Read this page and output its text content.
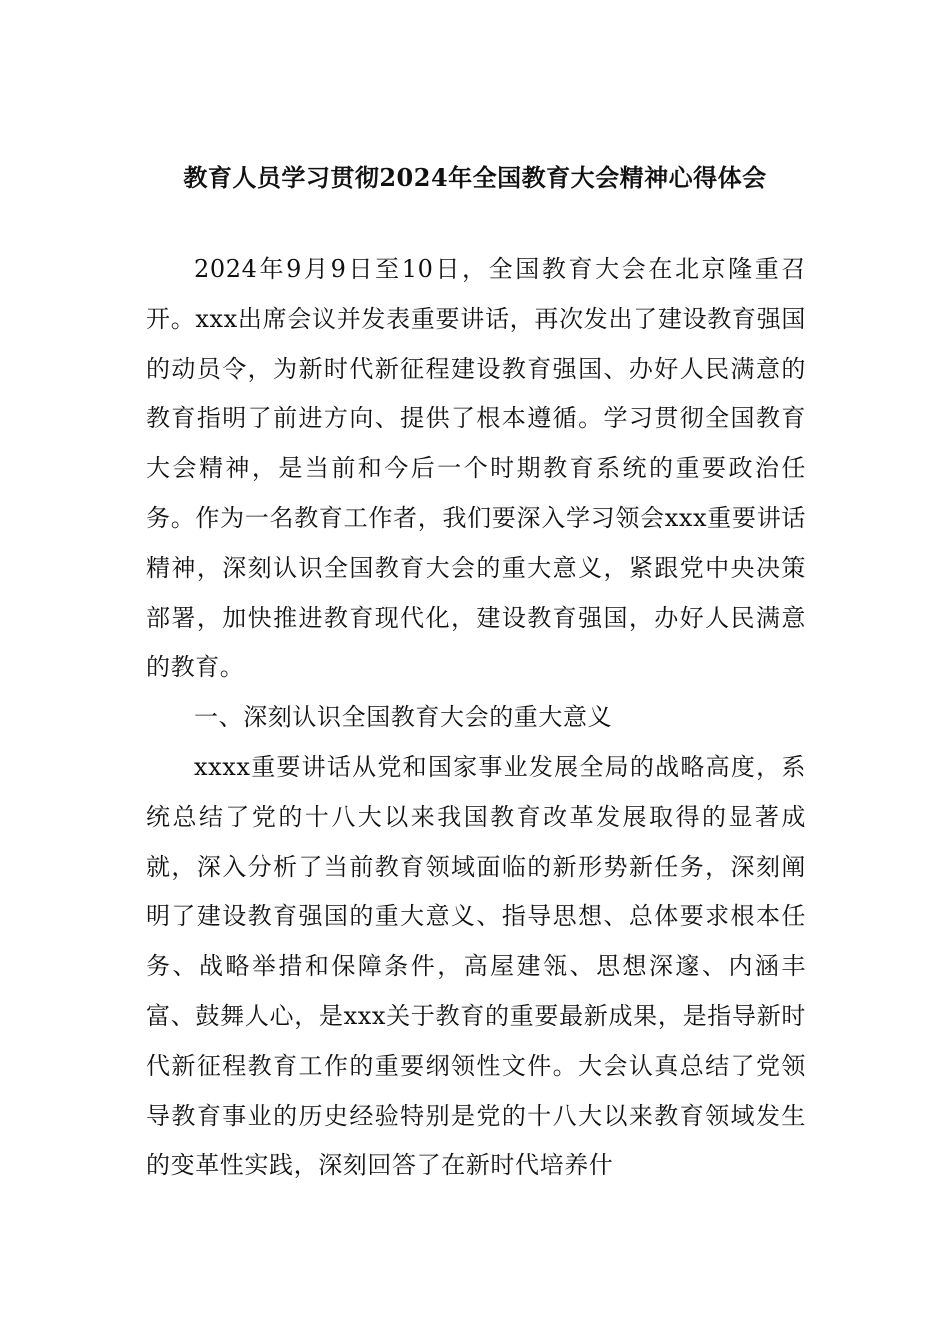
教育人员学习贯彻2024年全国教育大会精神心得体会

2024年9月9日至10日，全国教育大会在北京隆重召开。xxx出席会议并发表重要讲话，再次发出了建设教育强国的动员令，为新时代新征程建设教育强国、办好人民满意的教育指明了前进方向、提供了根本遵循。学习贯彻全国教育大会精神，是当前和今后一个时期教育系统的重要政治任务。作为一名教育工作者，我们要深入学习领会xxx重要讲话精神，深刻认识全国教育大会的重大意义，紧跟党中央决策部署，加快推进教育现代化，建设教育强国，办好人民满意的教育。

一、深刻认识全国教育大会的重大意义

xxxx重要讲话从党和国家事业发展全局的战略高度，系统总结了党的十八大以来我国教育改革发展取得的显著成就，深入分析了当前教育领域面临的新形势新任务，深刻阐明了建设教育强国的重大意义、指导思想、总体要求根本任务、战略举措和保障条件，高屋建瓴、思想深邃、内涵丰富、鼓舞人心，是xxx关于教育的重要最新成果，是指导新时代新征程教育工作的重要纲领性文件。大会认真总结了党领导教育事业的历史经验特别是党的十八大以来教育领域发生的变革性实践，深刻回答了在新时代培养什
